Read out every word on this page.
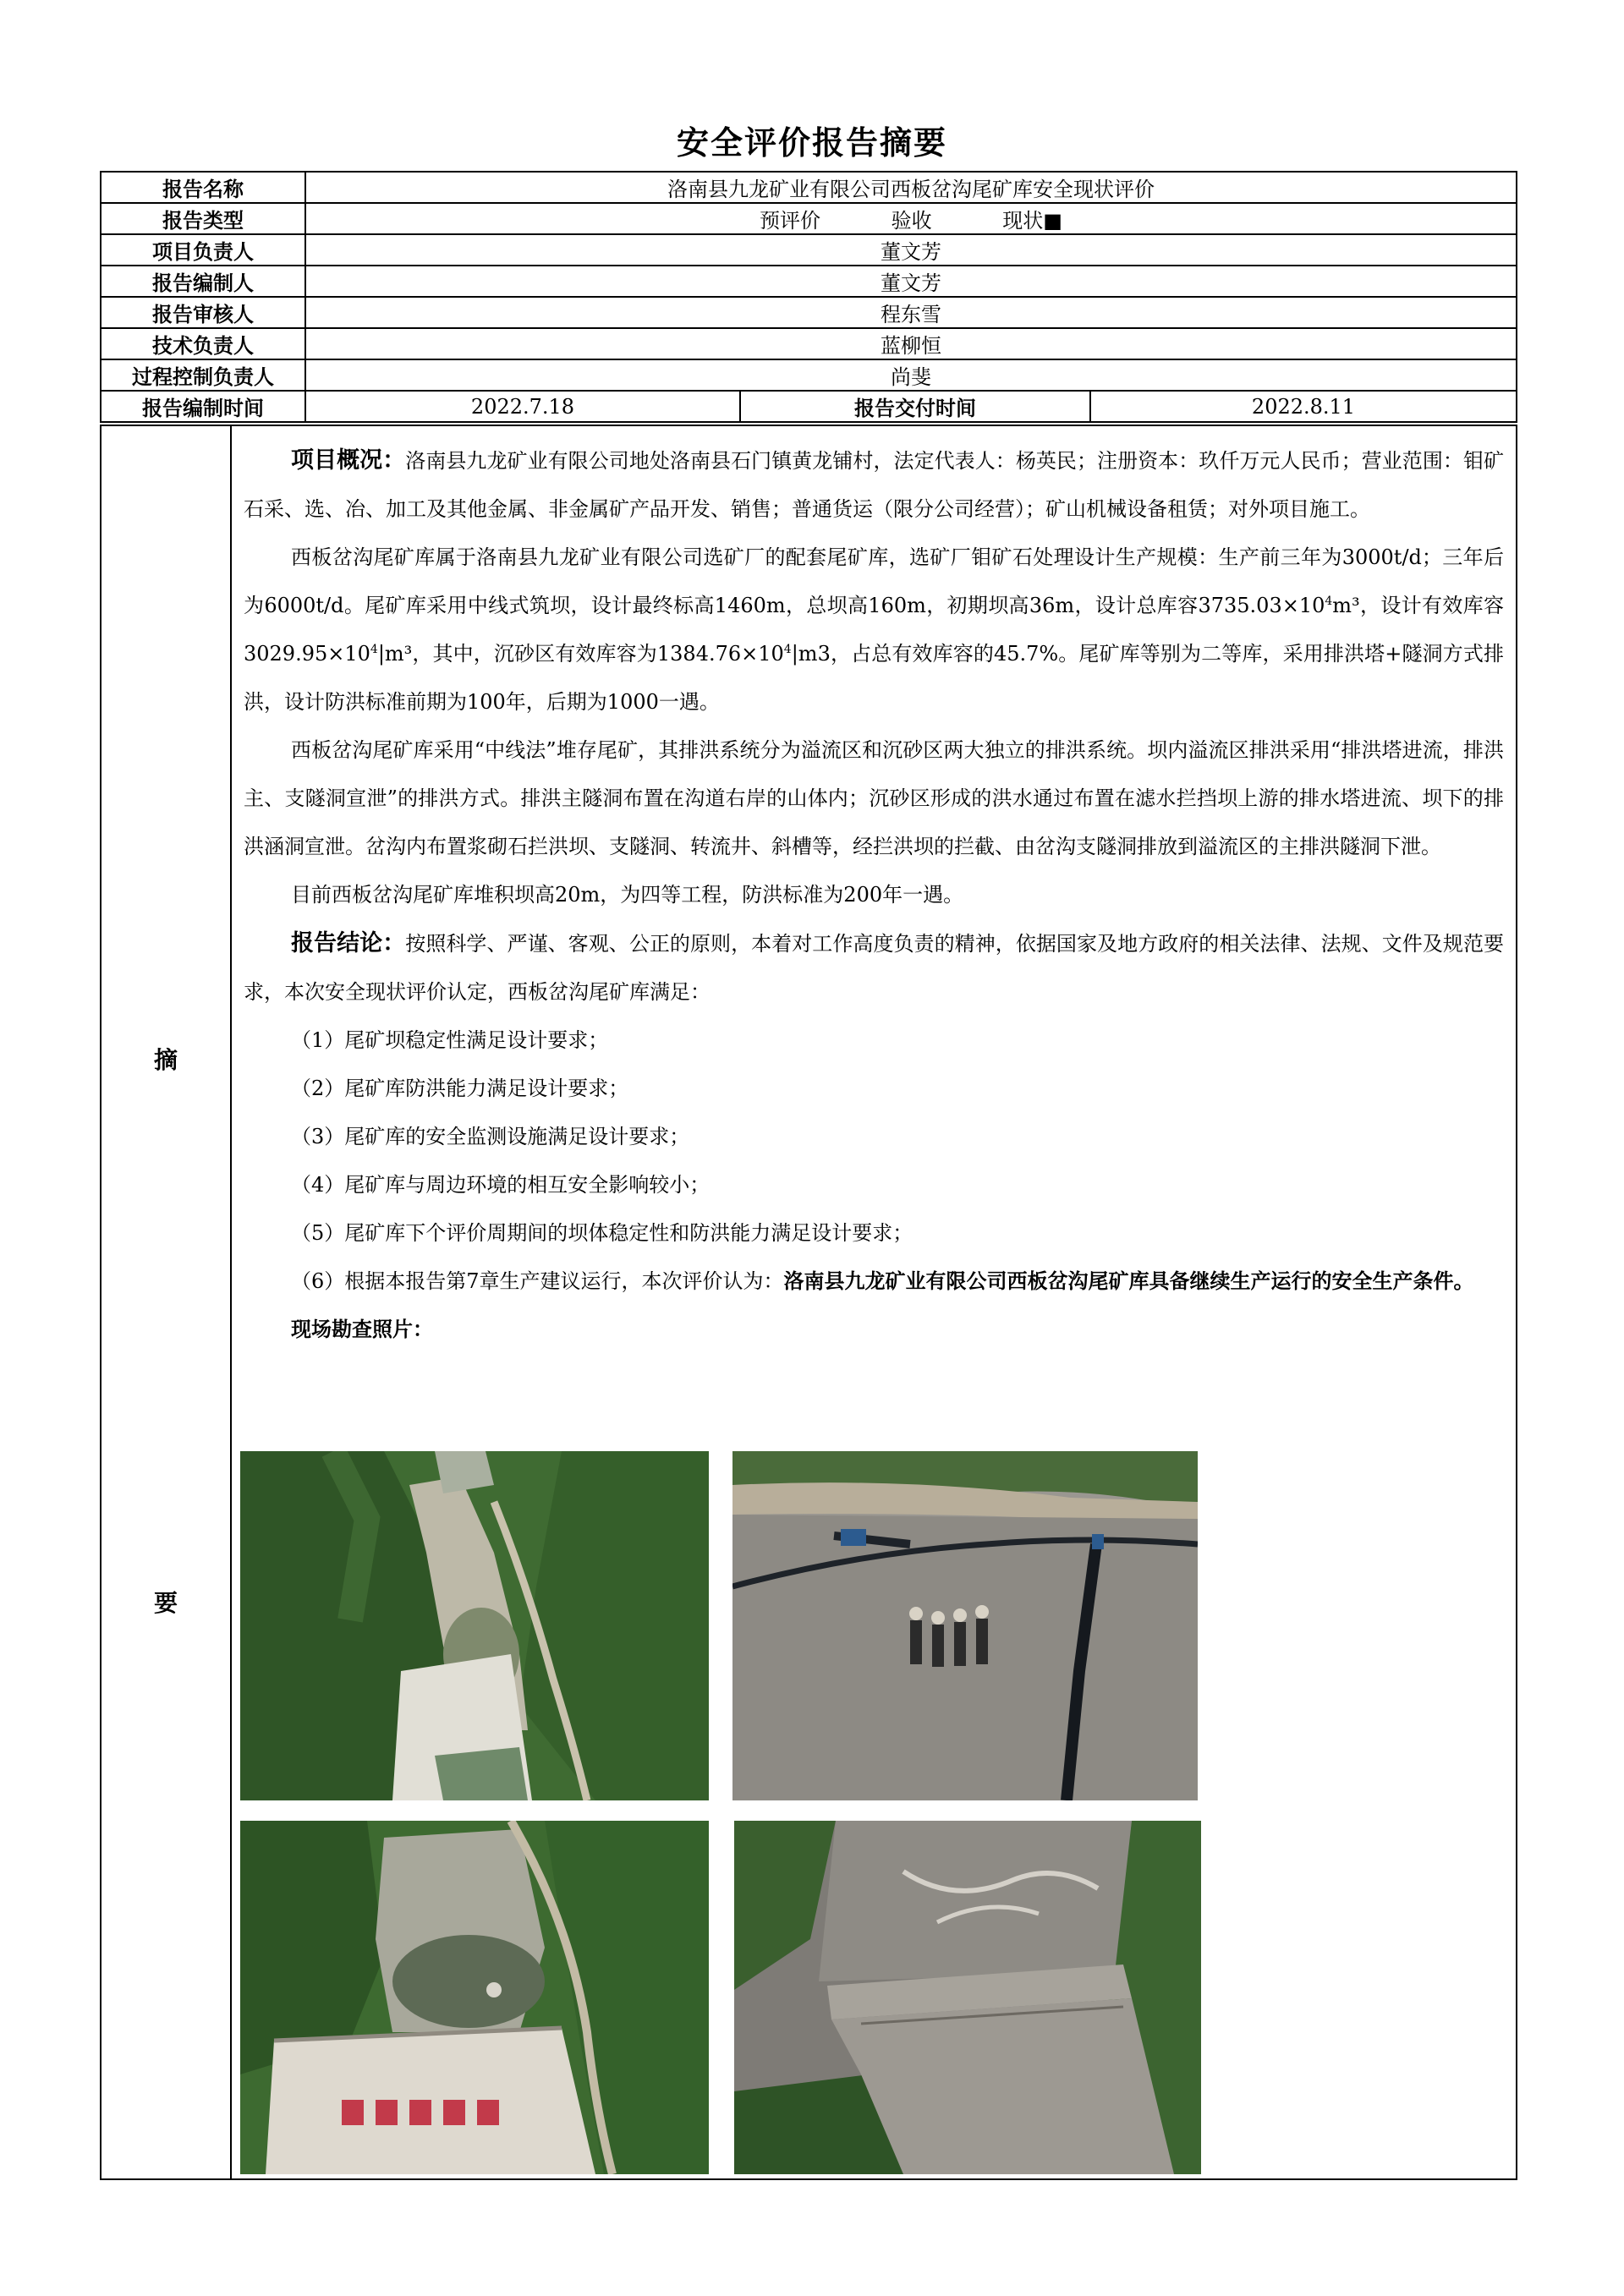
安全评价报告摘要
报告名称	洛南县九龙矿业有限公司西板岔沟尾矿库安全现状评价		
报告类型	预评价 验收 现状■		
项目负责人	董文芳		
报告编制人	董文芳		
报告审核人	程东雪		
技术负责人	蓝柳恒		
过程控制负责人	尚斐		
报告编制时间	2022.7.18	报告交付时间	2022.8.11
摘
要

项目概况：洛南县九龙矿业有限公司地处洛南县石门镇黄龙铺村，法定代表人：杨英民；注册资本：玖仟万元人民币；营业范围：钼矿石采、选、冶、加工及其他金属、非金属矿产品开发、销售；普通货运（限分公司经营）；矿山机械设备租赁；对外项目施工。

西板岔沟尾矿库属于洛南县九龙矿业有限公司选矿厂的配套尾矿库，选矿厂钼矿石处理设计生产规模：生产前三年为3000t/d；三年后为6000t/d。尾矿库采用中线式筑坝，设计最终标高1460m，总坝高160m，初期坝高36m，设计总库容$3735.03\times 10^4m^3$，设计有效库容$3029.95\times 10^4|m^3$，其中，沉砂区有效库容为$1384.76\times 10^4|m3$，占总有效库容的45.7%。尾矿库等别为二等库，采用排洪塔+隧洞方式排洪，设计防洪标准前期为100年，后期为1000一遇。

西板岔沟尾矿库采用“中线法”堆存尾矿，其排洪系统分为溢流区和沉砂区两大独立的排洪系统。坝内溢流区排洪采用“排洪塔进流，排洪主、支隧洞宣泄”的排洪方式。排洪主隧洞布置在沟道右岸的山体内；沉砂区形成的洪水通过布置在滤水拦挡坝上游的排水塔进流、坝下的排洪涵洞宣泄。岔沟内布置浆砌石拦洪坝、支隧洞、转流井、斜槽等，经拦洪坝的拦截、由岔沟支隧洞排放到溢流区的主排洪隧洞下泄。

目前西板岔沟尾矿库堆积坝高20m，为四等工程，防洪标准为200年一遇。

报告结论：按照科学、严谨、客观、公正的原则，本着对工作高度负责的精神，依据国家及地方政府的相关法律、法规、文件及规范要求，本次安全现状评价认定，西板岔沟尾矿库满足：

（1）尾矿坝稳定性满足设计要求；

（2）尾矿库防洪能力满足设计要求；

（3）尾矿库的安全监测设施满足设计要求；

（4）尾矿库与周边环境的相互安全影响较小；

（5）尾矿库下个评价周期间的坝体稳定性和防洪能力满足设计要求；

（6）根据本报告第7章生产建议运行，本次评价认为：洛南县九龙矿业有限公司西板岔沟尾矿库具备继续生产运行的安全生产条件。

现场勘查照片：
